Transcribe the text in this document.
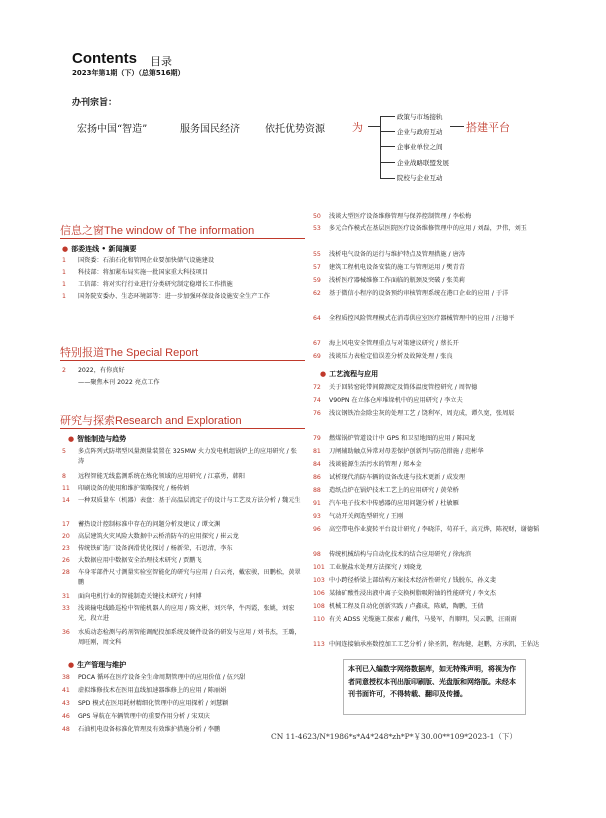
Contents 目录
2023年第1期（下）（总第516期）
办刊宗旨：
宏扬中国“智造”	服务国民经济	依托优势资源 为	搭建平台
政策与市场接轨
企业与政府互动
企事业单位之间
企业战略联盟发展
院校与企业互动
信息之窗The window of The information
● 部委连线 • 新闻摘要
1 国资委：石油石化和管网企业要加快储气设施建设
1 科技部：将加紧布局实施一批国家重大科技项目
1 工信部：将对实行行业进行分类研究制定稳增长工作措施
1 国务院安委办、生态环境部等：进一步加强环保设备设施安全生产工作
特别报道The Special Report
2 2022，有你真好
——聚焦本刊 2022 亮点工作
研究与探索Research and Exploration
● 智能制造与趋势
5 多点阵列式防堵型风量测量装置在 325MW 火力发电机组锅炉上的应用研究 / 张涛
8 远程智能无线监测系统在炼化领域的应用研究 / 江嘉勇，韩阳
11 印刷设备的使用和维护策略探究 / 杨传炳
14 一种双质量车（机器）表盘：基于高温层流定子的设计与工艺及方法分析 / 魏元生
17 蓄热设计控制标准中存在的问题分析及建议 / 谭文渊
20 高层建筑火灾风险大数据中云桥消防车的应用探究 / 崔云龙
23 传统铁矿选厂设备润滑优化探讨 / 杨新荣，石思清，李东
26 大数据应用中数据安全治理技术研究 / 贾鹏飞
28 车身零部件尺寸测量实验室智能化的研究与应用 / 白云亮，戴宏骏，田鹏松，黄翠鹏
31 面向电机行业的智能制造关键技术研究 / 何博
33 浅谈输电线路巡检中智能机器人的应用 / 陈文彬，刘兴华，牛丙霞，张姚，刘宏光，段立进
36 水质动态检测与药剂智能调配投加系统及硬件设备的研发与应用 / 刘书杰，王璐，周旺刚，周文科
● 生产管理与维护
38 PDCA 循环在医疗设备全生命周期管理中的应用价值 / 伍兴甜
41 虚拟维修技术在医用直线加速器维修上的应用 / 陈丽娟
43 SPD 模式在医用耗材精细化管理中的应用探析 / 刘慧颖
46 GPS 导航在车辆管理中的重要作用分析 / 宋双庆
48 石油机电设备标准化管理及有效维护措施分析 / 李鹏
50 浅谈大型医疗设备维修管理与保养控制管理 / 李松梅
53 多元合作模式在基层医院医疗设备维修管理中的应用 / 刘磊，尹伟，刘玉
55 浅析电气设备的运行与维护特点及管理措施 / 唐涛
57 建筑工程机电设备安装的施工与管理运用 / 樊青青
59 浅析医疗器械维修工作面临的瓶颈及突破 / 张美莉
62 基于微信小程序的设备预约审核管理系统在港口企业的应用 / 于洋
64 全程质控风险管理模式在消毒供应室医疗器械管理中的应用 / 汪德平
67 海上风电安全管理重点与对策建议研究 / 蔡长开
69 浅谈压力表检定值误差分析及故障处理 / 张良
● 工艺流程与应用
72 关于回转窑轮带间隙测定及简体温度管控研究 / 周智德
74 V90PN 在立体仓库堆垛机中的应用研究 / 李立夫
76 浅议钢铁冶金除尘灰的处理工艺 / 饶利军，周克成，谭久宽，张周辰
79 燃煤锅炉管道设计中 GPS 和卫星地图的应用 / 陈国龙
81 刀闸辅助触点异常对母差保护创新判与防范措施 / 范彬华
84 浅谈能源生活污水的管理 / 郑本金
86 试析现代消防车辆的设备改进与技术更新 / 成发理
88 造纸点炉在锅炉技术工艺上的应用研究 / 黄荣桥
91 汽车电子技术中传感器的应用问题分析 / 杜敏雁
93 气动开关阀选型研究 / 王刚
96 高空带电作业旋转平台设计研究 / 李晓洋，苟祥千，高元烨，陈祝财，谢德韬
98 传统机械结构与自动化技术的结合应用研究 / 徐海滨
101 工业脱盐水处理方法探究 / 刘晓龙
103 中小跨径桥梁上部结构方案技术经济性研究 / 钱脱东，孙义斐
106 某轴矿酸性浸出液中离子交换树脂吸附铀的性能研究 / 李文杰
108 机械工程及自动化创新实践 / 卢鑫成，陈斌，陶鹏，王倩
110 有关 ADSS 光缆施工探索 / 戴伟，马曼军，肖顺明，吴云鹏，汪雨雨
113 中间连接轴承座数控加工工艺分析 / 徐圣凯，程海健，赵鹏，方承凯，王佑达
本刊已入编数字网络数据库，如无特殊声明，将视为作者同意授权本刊出版印刷版、光盘版和网络版。未经本刊书面许可，不得转载、翻印及传播。
CN 11-4623/N*1986*s*A4*248*zh*P*￥30.00**109*2023-1（下）
